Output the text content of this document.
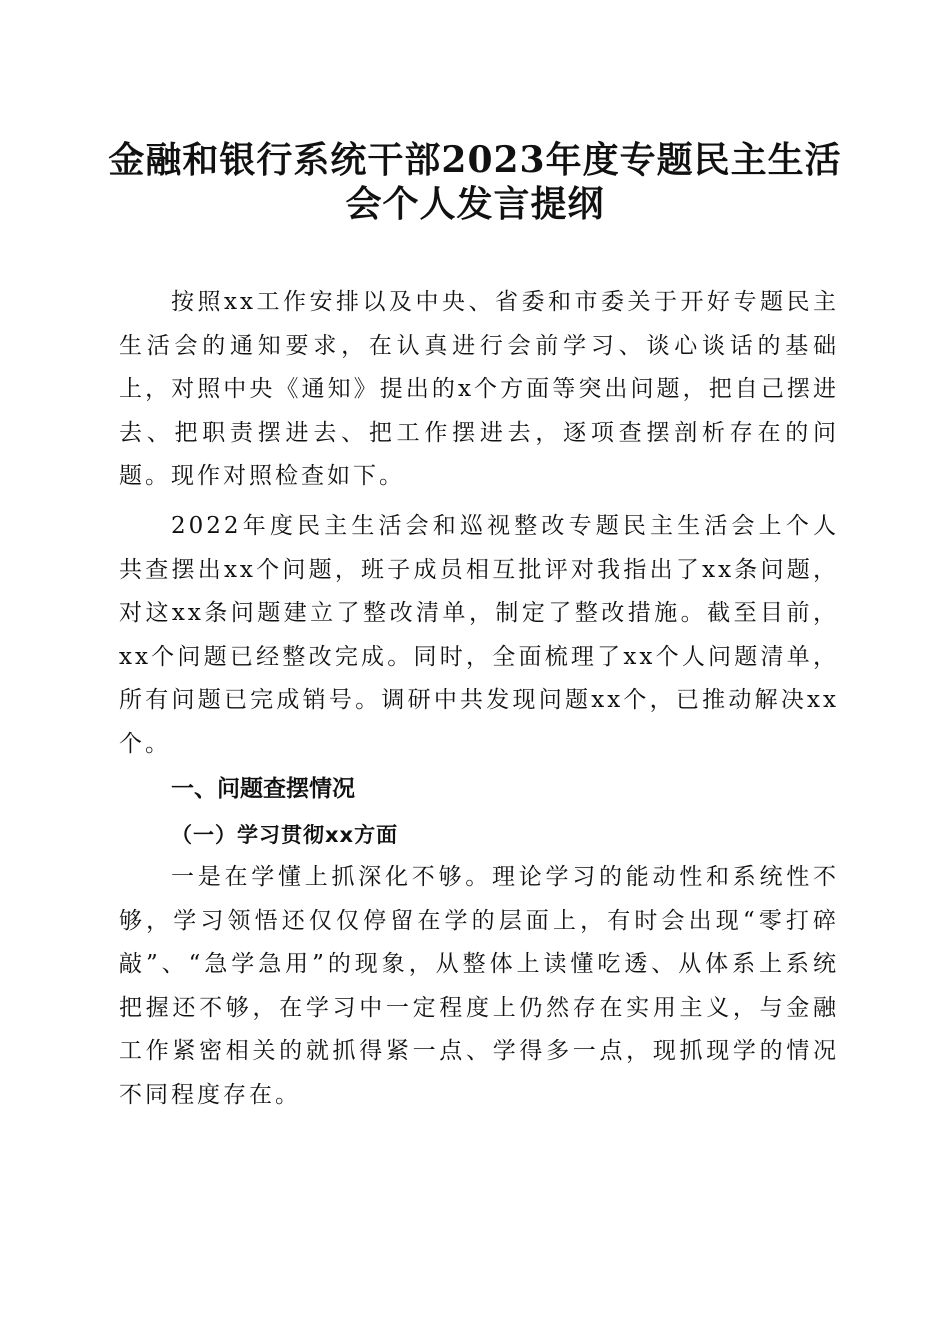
金融和银行系统干部2023年度专题民主生活
会个人发言提纲

按照xx工作安排以及中央、省委和市委关于开好专题民主生活会的通知要求，在认真进行会前学习、谈心谈话的基础上，对照中央《通知》提出的x个方面等突出问题，把自己摆进去、把职责摆进去、把工作摆进去，逐项查摆剖析存在的问题。现作对照检查如下。

2022年度民主生活会和巡视整改专题民主生活会上个人共查摆出xx个问题，班子成员相互批评对我指出了xx条问题，对这xx条问题建立了整改清单，制定了整改措施。截至目前，xx个问题已经整改完成。同时，全面梳理了xx个人问题清单，所有问题已完成销号。调研中共发现问题xx个，已推动解决xx个。

一、问题查摆情况
（一）学习贯彻xx方面

一是在学懂上抓深化不够。理论学习的能动性和系统性不够，学习领悟还仅仅停留在学的层面上，有时会出现“零打碎敲”、“急学急用”的现象，从整体上读懂吃透、从体系上系统把握还不够，在学习中一定程度上仍然存在实用主义，与金融工作紧密相关的就抓得紧一点、学得多一点，现抓现学的情况不同程度存在。
